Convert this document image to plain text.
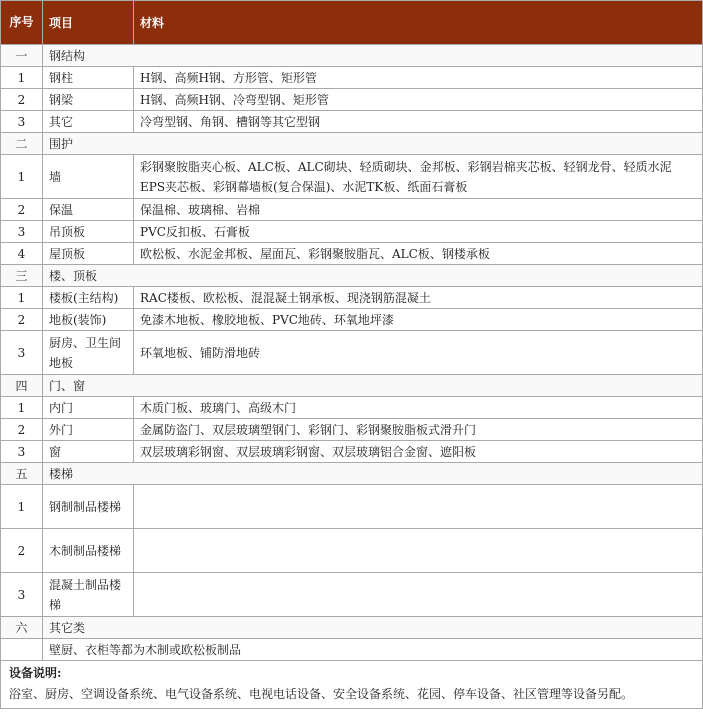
序号	项目	材料
一	钢结构	
1	钢柱	H钢、高频H钢、方形管、矩形管
2	钢梁	H钢、高频H钢、冷弯型钢、矩形管
3	其它	冷弯型钢、角钢、槽钢等其它型钢
二	围护	
1	墙	彩钢聚胺脂夹心板、ALC板、ALC砌块、轻质砌块、金邦板、彩钢岩棉夹芯板、轻钢龙骨、轻质水泥EPS夹芯板、彩钢幕墙板(复合保温)、水泥TK板、纸面石膏板
2	保温	保温棉、玻璃棉、岩棉
3	吊顶板	PVC反扣板、石膏板
4	屋顶板	欧松板、水泥金邦板、屋面瓦、彩钢聚胺脂瓦、ALC板、钢楼承板
三	楼、顶板	
1	楼板(主结构)	RAC楼板、欧松板、混混凝土钢承板、现浇钢筋混凝土
2	地板(装饰)	免漆木地板、橡胶地板、PVC地砖、环氧地坪漆
3	厨房、卫生间地板	环氧地板、铺防滑地砖
四	门、窗	
1	内门	木质门板、玻璃门、高级木门
2	外门	金属防盗门、双层玻璃塑钢门、彩钢门、彩钢聚胺脂板式滑升门
3	窗	双层玻璃彩钢窗、双层玻璃彩钢窗、双层玻璃铝合金窗、遮阳板
五	楼梯	
1	钢制制品楼梯	
2	木制制品楼梯	
3	混凝土制品楼梯	
六	其它类	
	壁厨、衣柜等都为木制或欧松板制品	

设备说明:
浴室、厨房、空调设备系统、电气设备系统、电视电话设备、安全设备系统、花园、停车设备、社区管理等设备另配。		
